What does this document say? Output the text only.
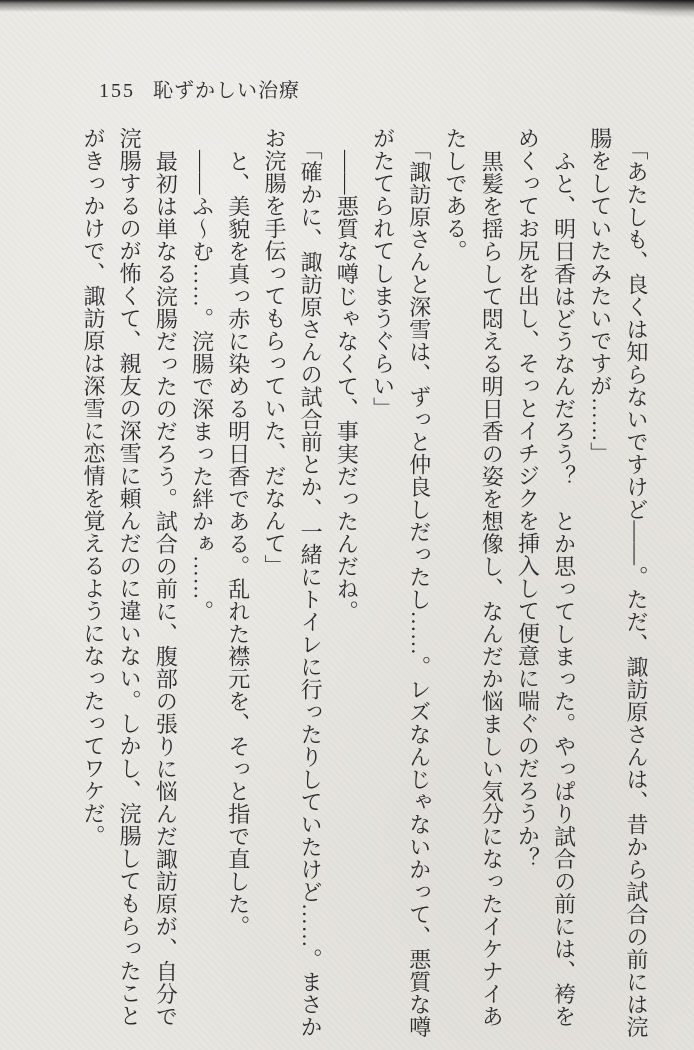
155 恥ずかしい治療
「あたしも、良くは知らないですけど――。ただ、諏訪原さんは、昔から試合の前には浣
腸をしていたみたいですが……」
ふと、明日香はどうなんだろう？　とか思ってしまった。やっぱり試合の前には、袴を
めくってお尻を出し、そっとイチジクを挿入して便意に喘ぐのだろうか？
黒髪を揺らして悶える明日香の姿を想像し、なんだか悩ましい気分になったイケナイあ
たしである。
「諏訪原さんと深雪は、ずっと仲良しだったし……。レズなんじゃないかって、悪質な噂
がたてられてしまうぐらい」
――悪質な噂じゃなくて、事実だったんだね。
「確かに、諏訪原さんの試合前とか、一緒にトイレに行ったりしていたけど……。まさか
お浣腸を手伝ってもらっていた、だなんて」
と、美貌を真っ赤に染める明日香である。乱れた襟元を、そっと指で直した。
――ふ～む……。浣腸で深まった絆かぁ……。
最初は単なる浣腸だったのだろう。試合の前に、腹部の張りに悩んだ諏訪原が、自分で
浣腸するのが怖くて、親友の深雪に頼んだのに違いない。しかし、浣腸してもらったこと
がきっかけで、諏訪原は深雪に恋情を覚えるようになったってワケだ。
